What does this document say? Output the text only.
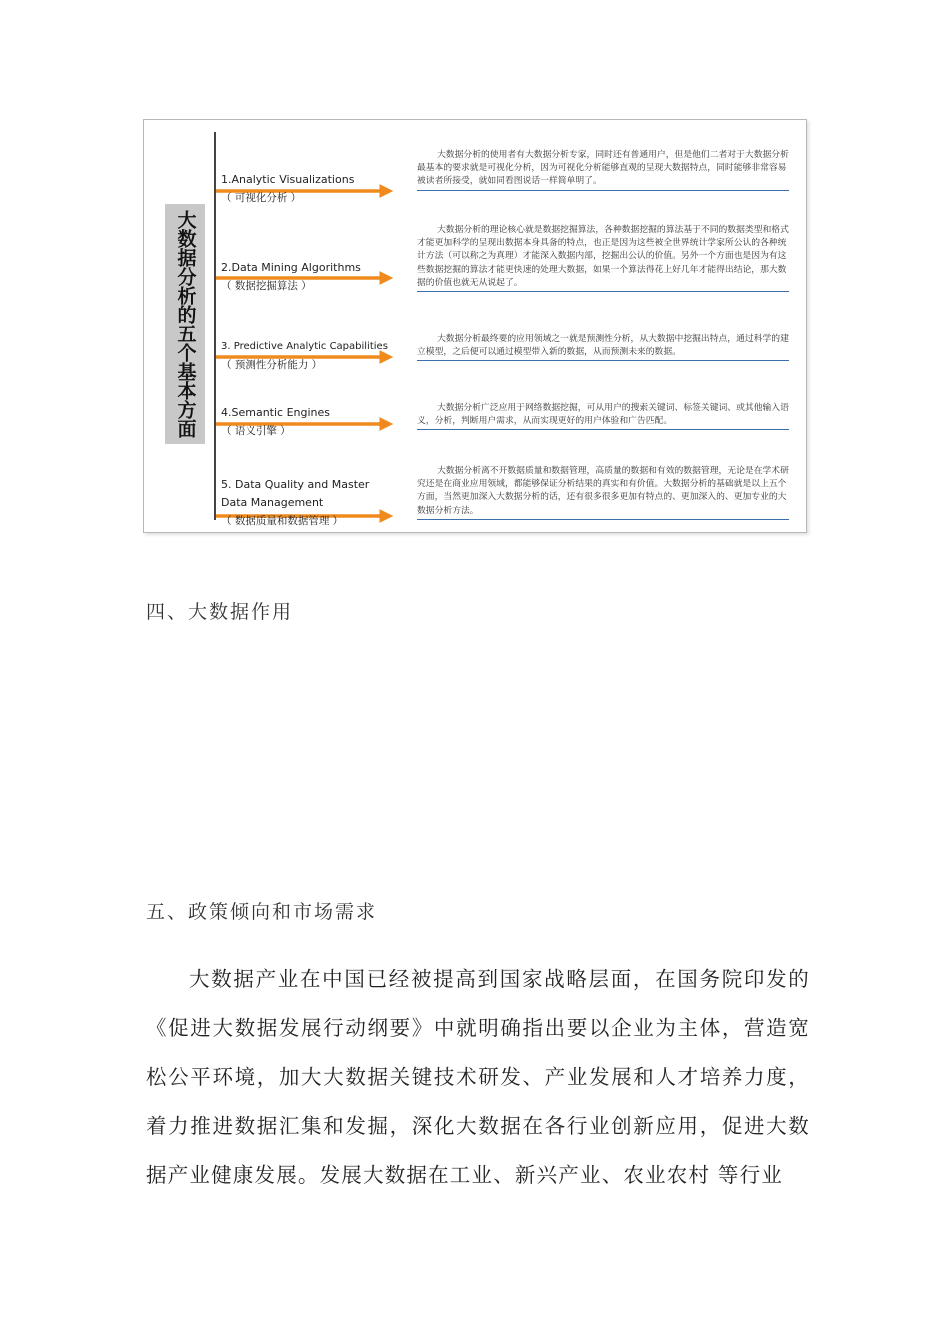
大数据分析的五个基本方面

1.Analytic Visualizations

（ 可视化分析 ）

大数据分析的使用者有大数据分析专家，同时还有普通用户，但是他们二者对于大数据分析最基本的要求就是可视化分析，因为可视化分析能够直观的呈现大数据特点，同时能够非常容易被读者所接受，就如同看图说话一样简单明了。

2.Data Mining Algorithms

（ 数据挖掘算法 ）

大数据分析的理论核心就是数据挖掘算法，各种数据挖掘的算法基于不同的数据类型和格式才能更加科学的呈现出数据本身具备的特点，也正是因为这些被全世界统计学家所公认的各种统计方法（可以称之为真理）才能深入数据内部，挖掘出公认的价值。另外一个方面也是因为有这些数据挖掘的算法才能更快速的处理大数据，如果一个算法得花上好几年才能得出结论，那大数据的价值也就无从说起了。

3. Predictive Analytic Capabilities

（ 预测性分析能力 ）

大数据分析最终要的应用领域之一就是预测性分析，从大数据中挖掘出特点，通过科学的建立模型，之后便可以通过模型带入新的数据，从而预测未来的数据。

4.Semantic Engines

（ 语义引擎 ）

大数据分析广泛应用于网络数据挖掘，可从用户的搜索关键词、标签关键词、或其他输入语义，分析，判断用户需求，从而实现更好的用户体验和广告匹配。

5. Data Quality and Master
Data Management

（ 数据质量和数据管理 ）

大数据分析离不开数据质量和数据管理，高质量的数据和有效的数据管理，无论是在学术研究还是在商业应用领域，都能够保证分析结果的真实和有价值。大数据分析的基础就是以上五个方面，当然更加深入大数据分析的话，还有很多很多更加有特点的、更加深入的、更加专业的大数据分析方法。
四、大数据作用
五、政策倾向和市场需求
大数据产业在中国已经被提高到国家战略层面，在国务院印发的《促进大数据发展行动纲要》中就明确指出要以企业为主体，营造宽松公平环境，加大大数据关键技术研发、产业发展和人才培养力度，着力推进数据汇集和发掘，深化大数据在各行业创新应用，促进大数据产业健康发展。发展大数据在工业、新兴产业、农业农村 等行业
